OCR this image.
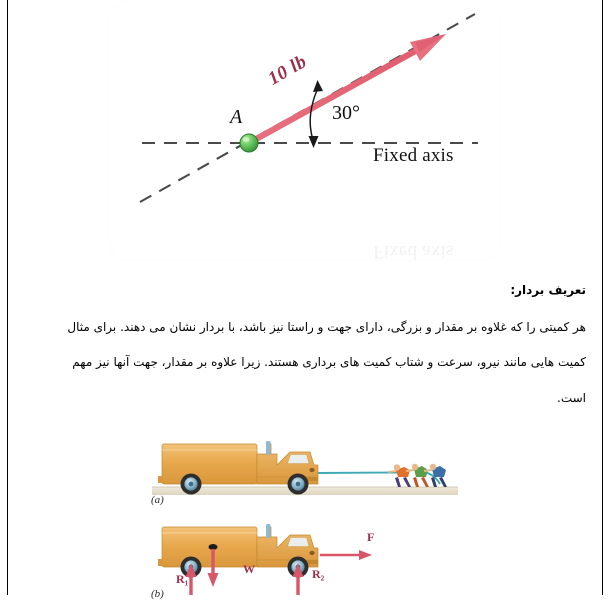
A
10 lb
30°
Fixed axis
Fixed axis
تعریف بردار:
هر کمیتی را که غلاوه بر مقدار و بزرگی، دارای جهت و راستا نیز باشد، با بردار نشان می دهند. برای مثال
کمیت هایی مانند نیرو، سرعت و شتاب کمیت های برداری هستند. زیرا علاوه بر مقدار، جهت آنها نیز مهم
است.
(a)
(b)
R₁
W	R₂
F
